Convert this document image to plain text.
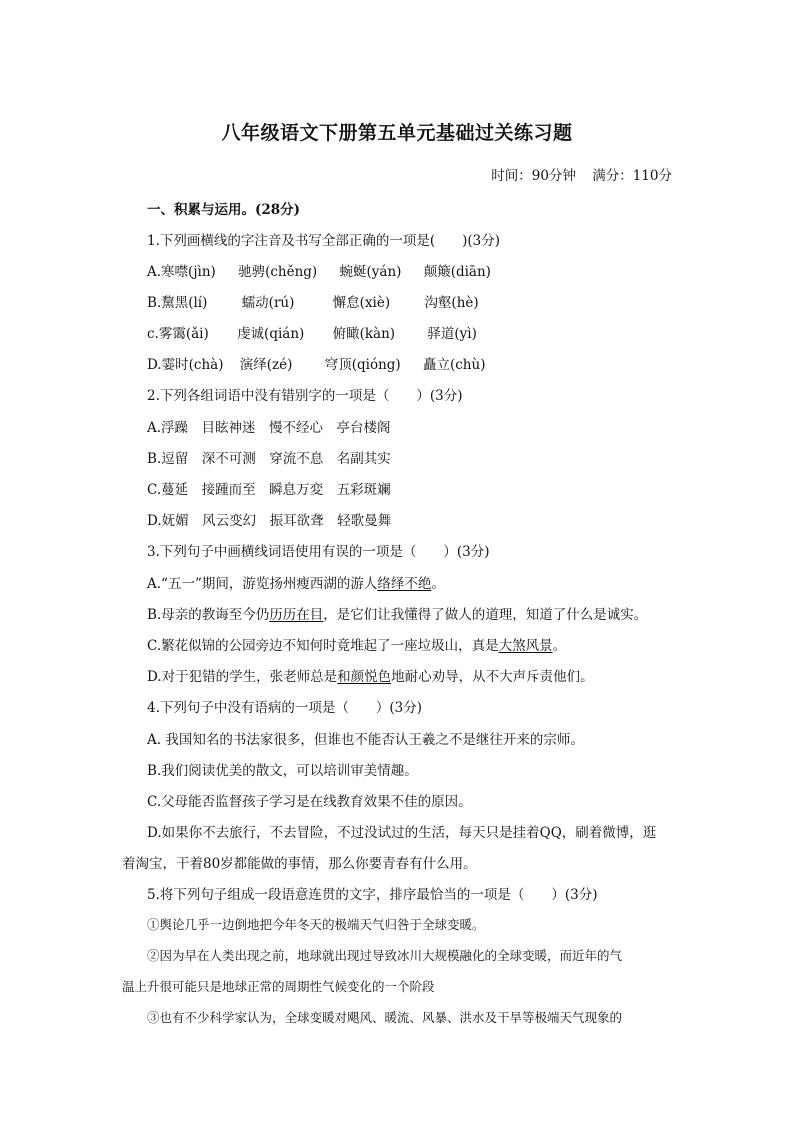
八年级语文下册第五单元基础过关练习题
时间：90分钟 满分：110分
一、积累与运用。(28分)
1.下列画横线的字注音及书写全部正确的一项是(　　)(3分)
A.寒噤(jìn) 驰骋(chěng) 蜿蜒(yán) 颠簸(diān)
B.黧黑(lí)	蠕动(rú)	懈怠(xiè)	沟壑(hè)
c.雾霭(ǎi) 虔诚(qián) 俯瞰(kàn) 驿道(yì)
D.霎时(chà) 演绎(zé) 穹顶(qióng) 矗立(chù)
2.下列各组词语中没有错别字的一项是（　　）(3分)
A.浮躁　目眩神迷　慢不经心　亭台楼阁
B.逗留　深不可测　穿流不息　名副其实
C.蔓延　接踵而至　瞬息万変　五彩斑斓
D.妩媚　风云变幻　振耳欲聋　轻歌曼舞
3.下列句子中画横线词语使用有误的一项是（　　）(3分)
A.“五一”期间，游览扬州瘦西湖的游人络绎不绝。
B.母亲的教诲至今仍历历在目，是它们让我懂得了做人的道理，知道了什么是诚实。
C.繁花似锦的公园旁边不知何时竟堆起了一座垃圾山，真是大煞风景。
D.对于犯错的学生，张老师总是和颜悦色地耐心劝导，从不大声斥责他们。
4.下列句子中没有语病的一项是（　　）(3分)
A. 我国知名的书法家很多，但谁也不能否认王羲之不是继往开来的宗师。
B.我们阅读优美的散文，可以培训审美情趣。
C.父母能否监督孩子学习是在线教育效果不佳的原因。
D.如果你不去旅行，不去冒险，不过没试过的生活，每天只是挂着QQ，刷着微博，逛
着淘宝，干着80岁都能做的事情，那么你要青春有什么用。
5.将下列句子组成一段语意连贯的文字，排序最恰当的一项是（　　）(3分)
①舆论几乎一边倒地把今年冬天的极端天气归咎于全球变暖。
②因为早在人类出现之前，地球就出现过导致冰川大规模融化的全球变暖，而近年的气
温上升很可能只是地球正常的周期性气候变化的一个阶段
③也有不少科学家认为，全球变暖对飓风、暖流、风暴、洪水及干旱等极端天气现象的
